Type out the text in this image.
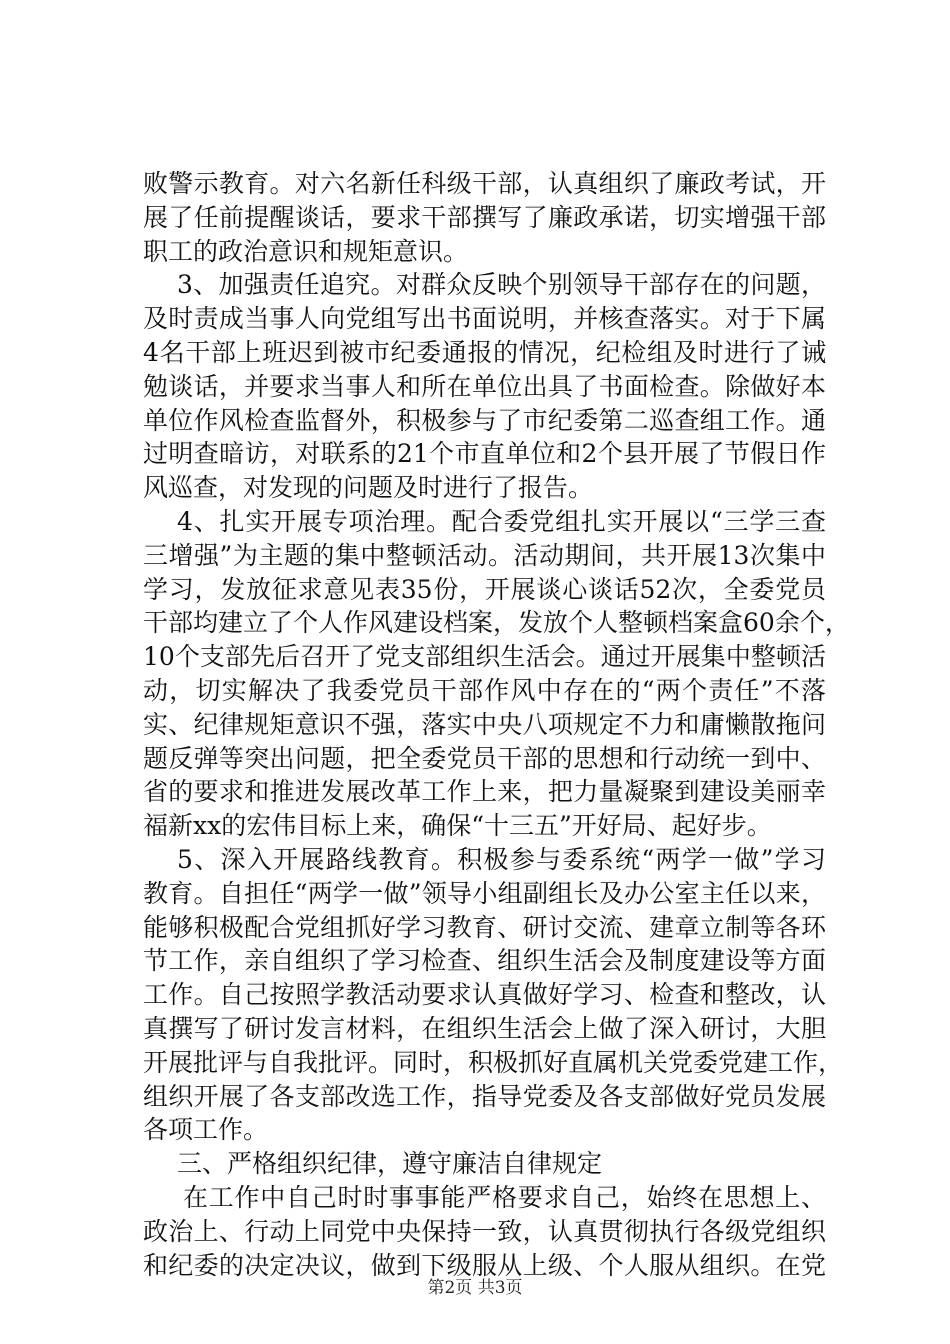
败警示教育。对六名新任科级干部，认真组织了廉政考试，开
展了任前提醒谈话，要求干部撰写了廉政承诺，切实增强干部
职工的政治意识和规矩意识。
3、加强责任追究。对群众反映个别领导干部存在的问题，
及时责成当事人向党组写出书面说明，并核查落实。对于下属
4名干部上班迟到被市纪委通报的情况，纪检组及时进行了诫
勉谈话，并要求当事人和所在单位出具了书面检查。除做好本
单位作风检查监督外，积极参与了市纪委第二巡查组工作。通
过明查暗访，对联系的21个市直单位和2个县开展了节假日作
风巡查，对发现的问题及时进行了报告。
4、扎实开展专项治理。配合委党组扎实开展以“三学三查
三增强”为主题的集中整顿活动。活动期间，共开展13次集中
学习，发放征求意见表35份，开展谈心谈话52次，全委党员
干部均建立了个人作风建设档案，发放个人整顿档案盒60余个，
10个支部先后召开了党支部组织生活会。通过开展集中整顿活
动，切实解决了我委党员干部作风中存在的“两个责任”不落
实、纪律规矩意识不强，落实中央八项规定不力和庸懒散拖问
题反弹等突出问题，把全委党员干部的思想和行动统一到中、
省的要求和推进发展改革工作上来，把力量凝聚到建设美丽幸
福新xx的宏伟目标上来，确保“十三五”开好局、起好步。
5、深入开展路线教育。积极参与委系统“两学一做”学习
教育。自担任“两学一做”领导小组副组长及办公室主任以来，
能够积极配合党组抓好学习教育、研讨交流、建章立制等各环
节工作，亲自组织了学习检查、组织生活会及制度建设等方面
工作。自己按照学教活动要求认真做好学习、检查和整改，认
真撰写了研讨发言材料，在组织生活会上做了深入研讨，大胆
开展批评与自我批评。同时，积极抓好直属机关党委党建工作，
组织开展了各支部改选工作，指导党委及各支部做好党员发展
各项工作。
三、严格组织纪律，遵守廉洁自律规定
在工作中自己时时事事能严格要求自己，始终在思想上、
政治上、行动上同党中央保持一致，认真贯彻执行各级党组织
和纪委的决定决议，做到下级服从上级、个人服从组织。在党
第2页 共3页
